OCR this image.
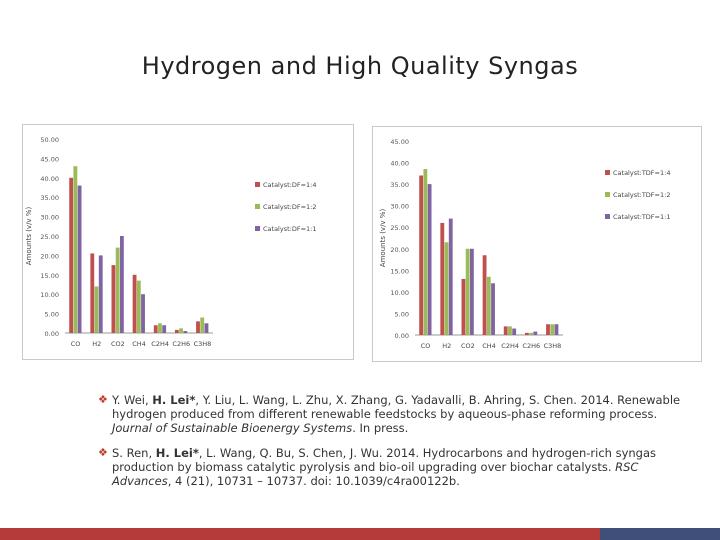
Hydrogen and High Quality Syngas
0.00
5.00
10.00
15.00
20.00
25.00
30.00
35.00
40.00
45.00
50.00
Amounts (v/v %)
CO H2 CO2 CH4 C2H4 C2H6 C3H8
Catalyst:DF=1:4
Catalyst:DF=1:2
Catalyst:DF=1:1
0.00
5.00
10.00
15.00
20.00
25.00
30.00
35.00
40.00
45.00
Amounts (v/v %)
CO H2 CO2 CH4 C2H4 C2H6 C3H8
Catalyst:TDF=1:4
Catalyst:TDF=1:2
Catalyst:TDF=1:1
❖ Y. Wei, H. Lei*, Y. Liu, L. Wang, L. Zhu, X. Zhang, G. Yadavalli, B. Ahring, S. Chen. 2014. Renewable hydrogen produced from different renewable feedstocks by aqueous-phase reforming process. Journal of Sustainable Bioenergy Systems. In press.
❖ S. Ren, H. Lei*, L. Wang, Q. Bu, S. Chen, J. Wu. 2014. Hydrocarbons and hydrogen-rich syngas production by biomass catalytic pyrolysis and bio-oil upgrading over biochar catalysts. RSC Advances, 4 (21), 10731 – 10737. doi: 10.1039/c4ra00122b.
